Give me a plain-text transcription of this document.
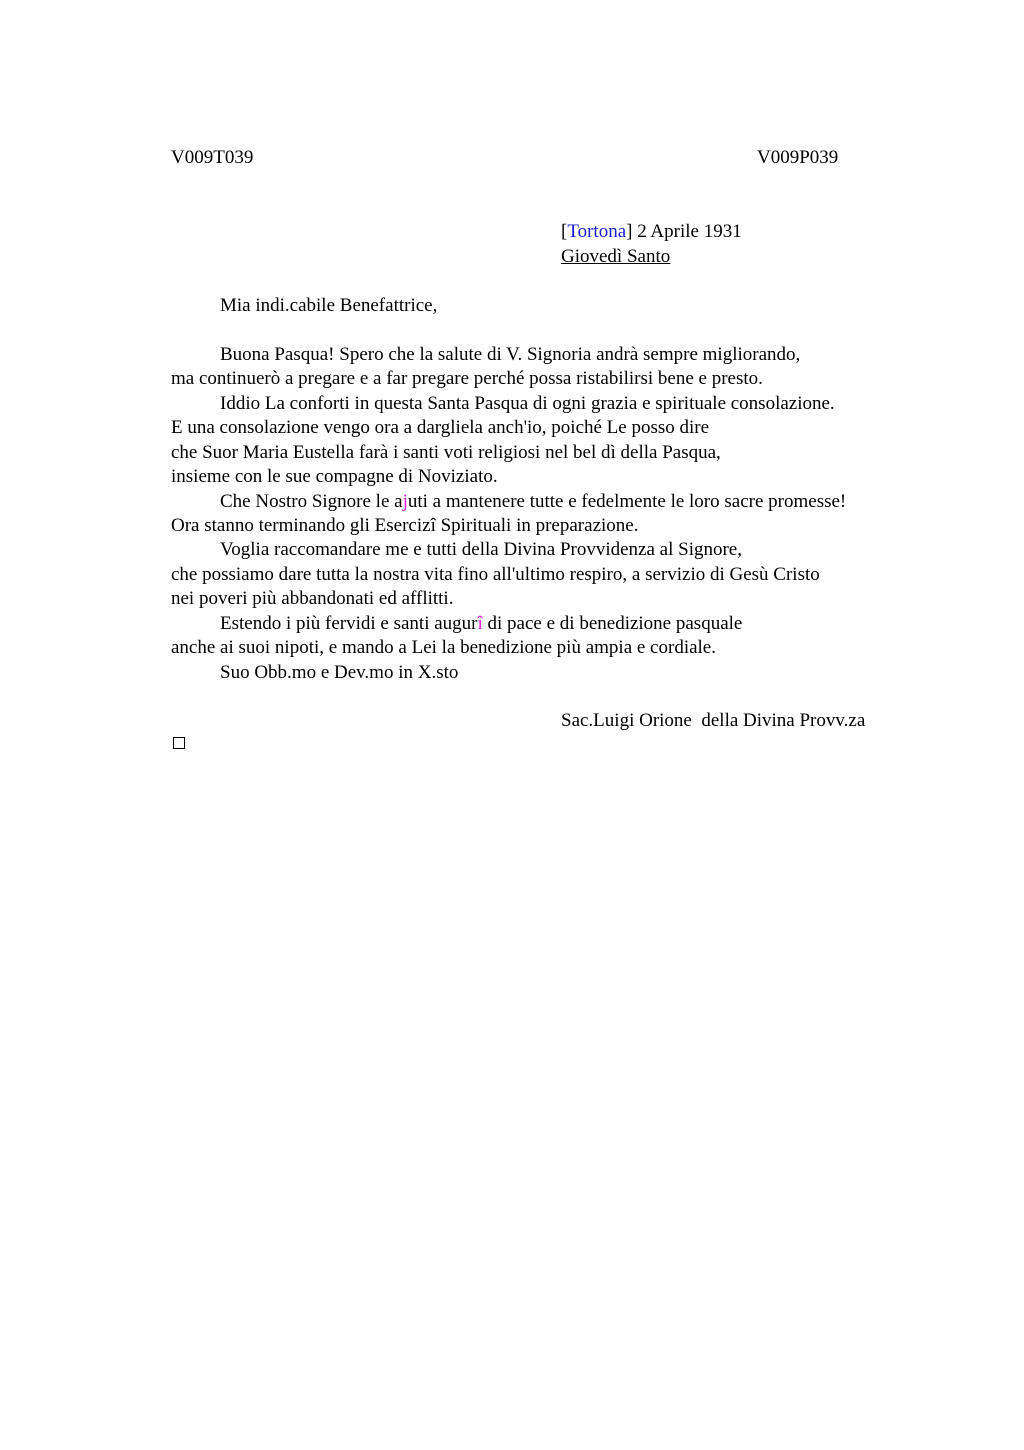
V009T039	V009P039
[Tortona] 2 Aprile 1931
Giovedì Santo
Mia indi.cabile Benefattrice,
Buona Pasqua! Spero che la salute di V. Signoria andrà sempre migliorando,
ma continuerò a pregare e a far pregare perché possa ristabilirsi bene e presto.
Iddio La conforti in questa Santa Pasqua di ogni grazia e spirituale consolazione.
E una consolazione vengo ora a dargliela anch'io, poiché Le posso dire
che Suor Maria Eustella farà i santi voti religiosi nel bel dì della Pasqua,
insieme con le sue compagne di Noviziato.
Che Nostro Signore le ajuti a mantenere tutte e fedelmente le loro sacre promesse!
Ora stanno terminando gli Esercizî Spirituali in preparazione.
Voglia raccomandare me e tutti della Divina Provvidenza al Signore,
che possiamo dare tutta la nostra vita fino all'ultimo respiro, a servizio di Gesù Cristo
nei poveri più abbandonati ed afflitti.
Estendo i più fervidi e santi augurî di pace e di benedizione pasquale
anche ai suoi nipoti, e mando a Lei la benedizione più ampia e cordiale.
Suo Obb.mo e Dev.mo in X.sto
Sac.Luigi Orione  della Divina Provv.za
